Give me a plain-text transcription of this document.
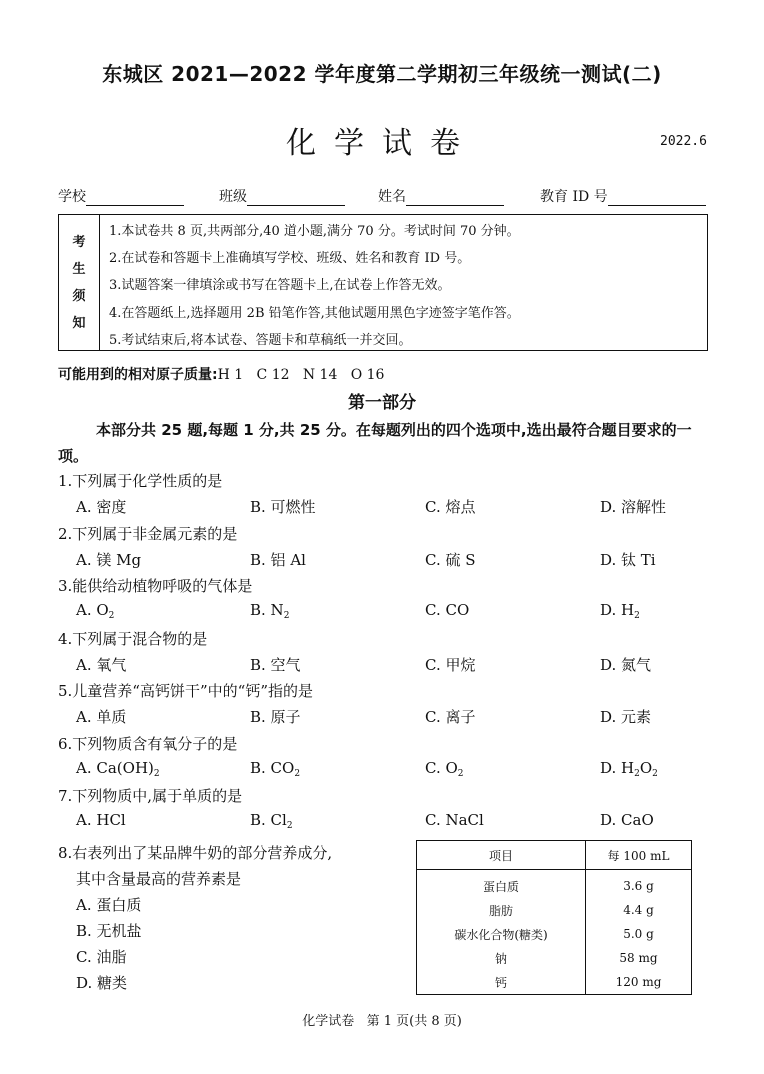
东城区 2021—2022 学年度第二学期初三年级统一测试(二)
化学试卷	2022.6
学校	班级	姓名	教育 ID 号
考
生
须
知
1.本试卷共 8 页,共两部分,40 道小题,满分 70 分。考试时间 70 分钟。
2.在试卷和答题卡上准确填写学校、班级、姓名和教育 ID 号。
3.试题答案一律填涂或书写在答题卡上,在试卷上作答无效。
4.在答题纸上,选择题用 2B 铅笔作答,其他试题用黑色字迹签字笔作答。
5.考试结束后,将本试卷、答题卡和草稿纸一并交回。
可能用到的相对原子质量:H 1   C 12   N 14   O 16
第一部分
本部分共 25 题,每题 1 分,共 25 分。在每题列出的四个选项中,选出最符合题目要求的一项。
1.下列属于化学性质的是
A. 密度	B. 可燃性	C. 熔点	D. 溶解性
2.下列属于非金属元素的是
A. 镁 Mg	B. 铝 Al	C. 硫 S	D. 钛 Ti
3.能供给动植物呼吸的气体是
A. $O_2$	B. $N_2$	C. CO	D. $H_2$
4.下列属于混合物的是
A. 氧气	B. 空气	C. 甲烷	D. 氮气
5.儿童营养“高钙饼干”中的“钙”指的是
A. 单质	B. 原子	C. 离子	D. 元素
6.下列物质含有氧分子的是
A. $Ca(OH)_2$	B. $CO_2$	C. $O_2$	D. $H_2O_2$
7.下列物质中,属于单质的是
A. HCl	B. $Cl_2$	C. NaCl	D. CaO
8.右表列出了某品牌牛奶的部分营养成分,
其中含量最高的营养素是
A. 蛋白质
B. 无机盐
C. 油脂
D. 糖类
项目	每 100 mL
蛋白质	3.6 g
脂肪	4.4 g
碳水化合物(糖类)	5.0 g
钠	58 mg
钙	120 mg
化学试卷   第 1 页(共 8 页)
